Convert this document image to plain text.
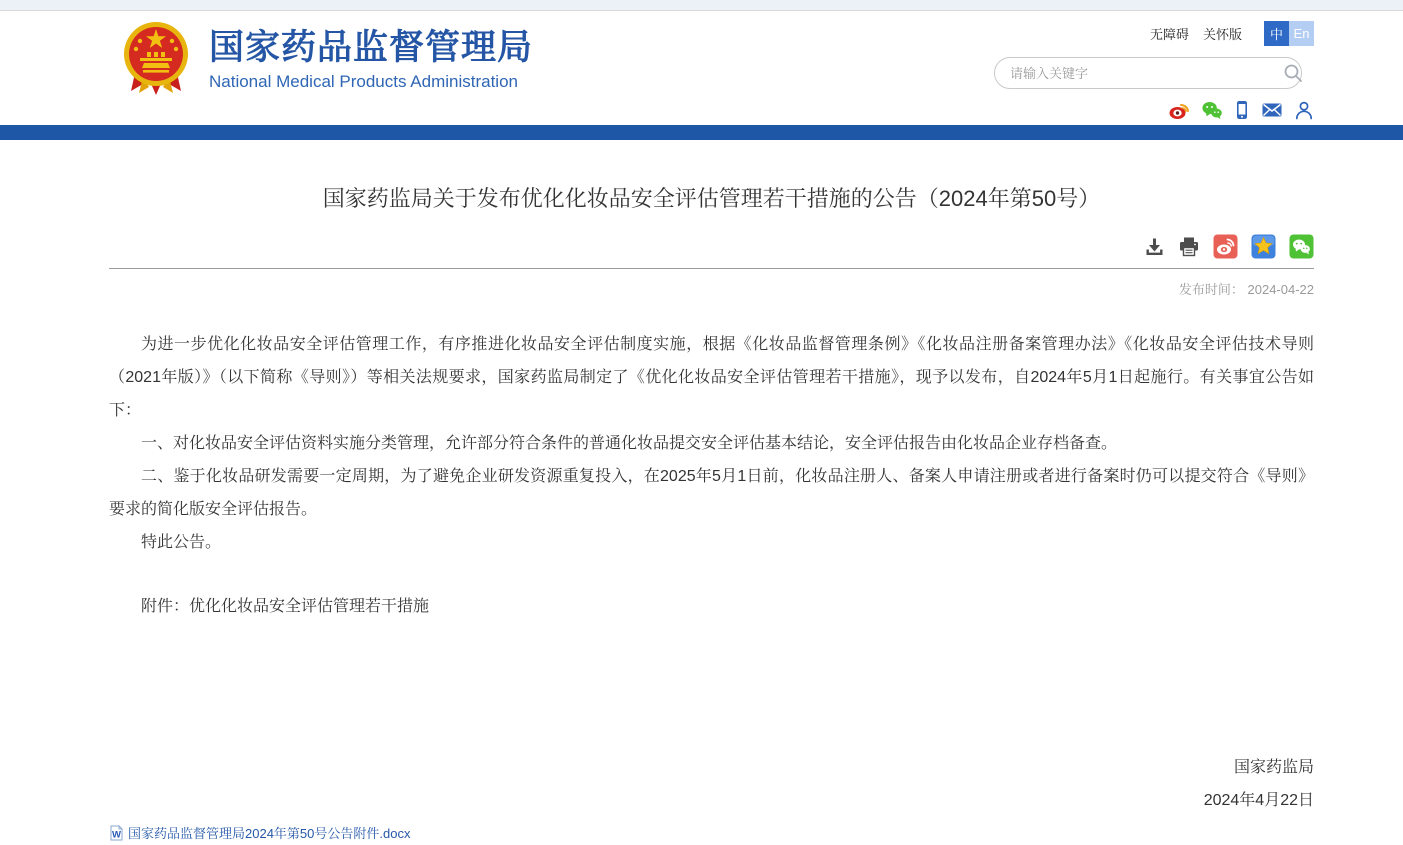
国家药品监督管理局
National Medical Products Administration
无障碍 关怀版	中 En
请输入关键字
国家药监局关于发布优化化妆品安全评估管理若干措施的公告（2024年第50号）
发布时间： 2024-04-22

为进一步优化化妆品安全评估管理工作，有序推进化妆品安全评估制度实施，根据《化妆品监督管理条例》《化妆品注册备案管理办法》《化妆品安全评估技术导则（2021年版）》（以下简称《导则》）等相关法规要求，国家药监局制定了《优化化妆品安全评估管理若干措施》，现予以发布，自2024年5月1日起施行。有关事宜公告如下：

一、对化妆品安全评估资料实施分类管理，允许部分符合条件的普通化妆品提交安全评估基本结论，安全评估报告由化妆品企业存档备查。

二、鉴于化妆品研发需要一定周期，为了避免企业研发资源重复投入，在2025年5月1日前，化妆品注册人、备案人申请注册或者进行备案时仍可以提交符合《导则》要求的简化版安全评估报告。

特此公告。

附件：优化化妆品安全评估管理若干措施
国家药监局
2024年4月22日
W 国家药品监督管理局2024年第50号公告附件.docx
